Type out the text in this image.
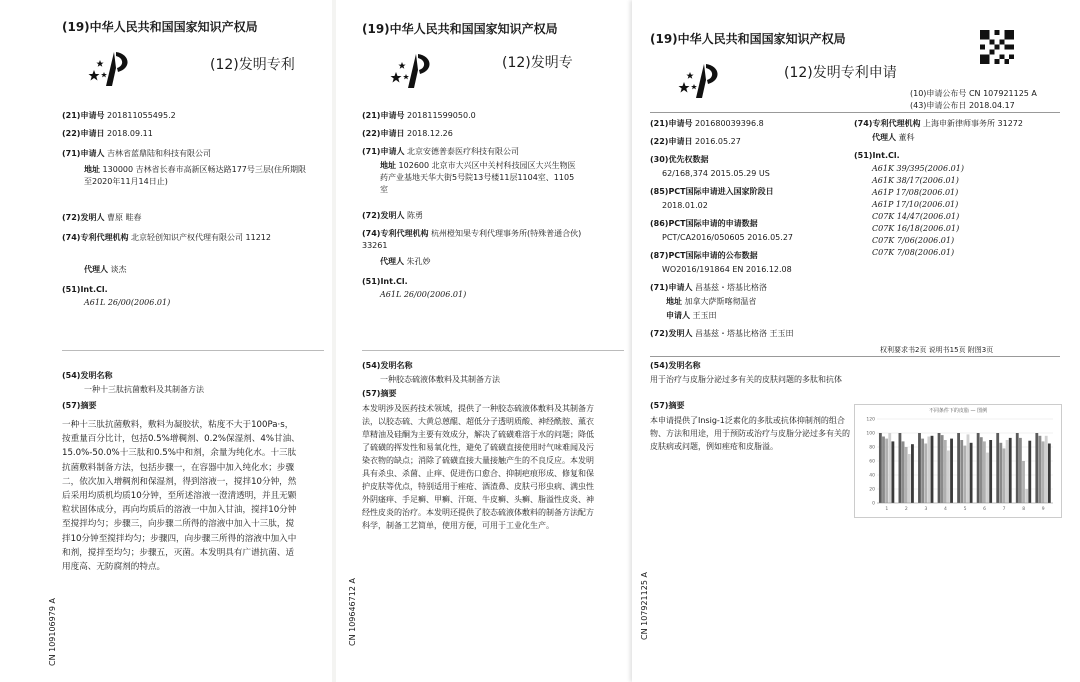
(19)中华人民共和国国家知识产权局
(12)发明专利
(21)申请号 201811055495.2
(22)申请日 2018.09.11
(71)申请人 吉林省蓝鼎陆和科技有限公司
地址 130000 吉林省长春市高新区畅达路177号三层(住所期限至2020年11月14日止)
(72)发明人 曹原 畦春
(74)专利代理机构 北京轻创知识产权代理有限公司 11212
代理人 谈杰
(51)Int.Cl.
A61L 26/00(2006.01)
(54)发明名称
一种十三肽抗菌敷料及其制备方法
(57)摘要
一种十三肽抗菌敷料，敷料为凝胶状，粘度不大于100Pa·s，按重量百分比计，包括0.5%增稠剂、0.2%保湿剂、4%甘油、15.0%-50.0%十三肽和0.5%中和剂，余量为纯化水。十三肽抗菌敷料制备方法，包括步骤一，在容器中加入纯化水；步骤二，依次加入增稠剂和保湿剂，得到溶液一，搅拌10分钟，然后采用均质机均质10分钟，至所述溶液一澄清透明，并且无颗粒状固体成分，再向均质后的溶液一中加入甘油，搅拌10分钟至搅拌均匀；步骤三，向步骤二所得的溶液中加入十三肽，搅拌10分钟至搅拌均匀；步骤四，向步骤三所得的溶液中加入中和剂，搅拌至均匀；步骤五，灭菌。本发明具有广谱抗菌、适用度高、无防腐剂的特点。
CN 109106979 A
(19)中华人民共和国国家知识产权局
(12)发明专
(21)申请号 201811599050.0
(22)申请日 2018.12.26
(71)申请人 北京安德普泰医疗科技有限公司
地址 102600 北京市大兴区中关村科技园区大兴生物医药产业基地天华大街5号院13号楼11层1104室、1105室
(72)发明人 陈勇
(74)专利代理机构 杭州橙知果专利代理事务所(特殊普通合伙) 33261
代理人 朱孔妙
(51)Int.Cl.
A61L 26/00(2006.01)
(54)发明名称
一种胶态硫液体敷料及其制备方法
(57)摘要
本发明涉及医药技术领域，提供了一种胶态硫液体敷料及其制备方法，以胶态硫、大黄总蒽醌、超低分子透明质酸、神经酰胺、薰衣草精油及硅酮为主要有效成分，解决了硫磺难溶于水的问题；降低了硫磺的挥发性和易氧化性，避免了硫磺直接使用时气味难闻及污染衣物的缺点；消除了硫磺直接大量接触产生的不良反应。本发明具有杀虫、杀菌、止痒、促进伤口愈合、抑制疤痕形成、修复和保护皮肤等优点，特别适用于痤疮、酒渣鼻、皮肤弓形虫病、满虫性外阴瘙痒、手足癣、甲癣、汗斑、牛皮癣、头癣、脂溢性皮炎、神经性皮炎的治疗。本发明还提供了胶态硫液体敷料的制备方法配方科学，制备工艺简单，使用方便，可用于工业化生产。
CN 109646712 A
(19)中华人民共和国国家知识产权局
(12)发明专利申请
(10)申请公布号 CN 107921125 A
(43)申请公布日 2018.04.17
(21)申请号 201680039396.8
(22)申请日 2016.05.27
(30)优先权数据
62/168,374 2015.05.29 US
(85)PCT国际申请进入国家阶段日
2018.01.02
(86)PCT国际申请的申请数据
PCT/CA2016/050605 2016.05.27
(87)PCT国际申请的公布数据
WO2016/191864 EN 2016.12.08
(71)申请人 昌基兹・塔基比格洛
地址 加拿大萨斯喀彻温省
申请人 王玉田
(72)发明人 昌基兹・塔基比格洛 王玉田
(74)专利代理机构 上海申新律师事务所 31272
代理人 董科
(51)Int.Cl.
A61K 39/395(2006.01)
A61K 38/17(2006.01)
A61P 17/08(2006.01)
A61P 17/10(2006.01)
C07K 14/47(2006.01)
C07K 16/18(2006.01)
C07K 7/06(2006.01)
C07K 7/08(2006.01)
权利要求书2页 说明书15页 附图3页
(54)发明名称
用于治疗与皮脂分泌过多有关的皮肤问题的多肽和抗体
(57)摘要
本申请提供了Insig-1泛素化的多肽或抗体抑制剂的组合物、方法和用途，用于预防或治疗与皮脂分泌过多有关的皮肤病或问题，例如痤疮和皮脂溢。
不同条件下的皮脂 — 图例
0
20
40
60
80
100
120
1	2	3	4	5	6	7	8	9
CN 107921125 A
